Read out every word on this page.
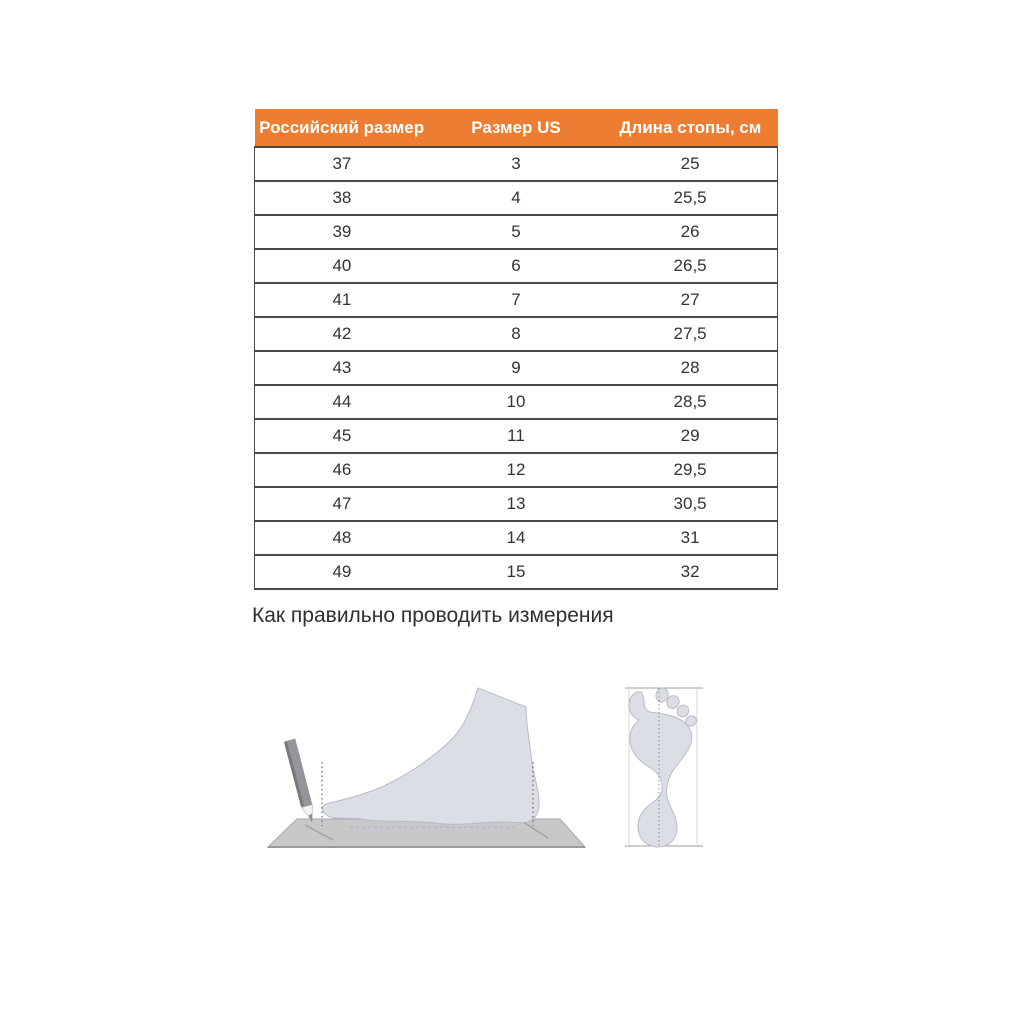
Российский размер	Размер US	Длина стопы, см
37	3	25
38	4	25,5
39	5	26
40	6	26,5
41	7	27
42	8	27,5
43	9	28
44	10	28,5
45	11	29
46	12	29,5
47	13	30,5
48	14	31
49	15	32
Как правильно проводить измерения
